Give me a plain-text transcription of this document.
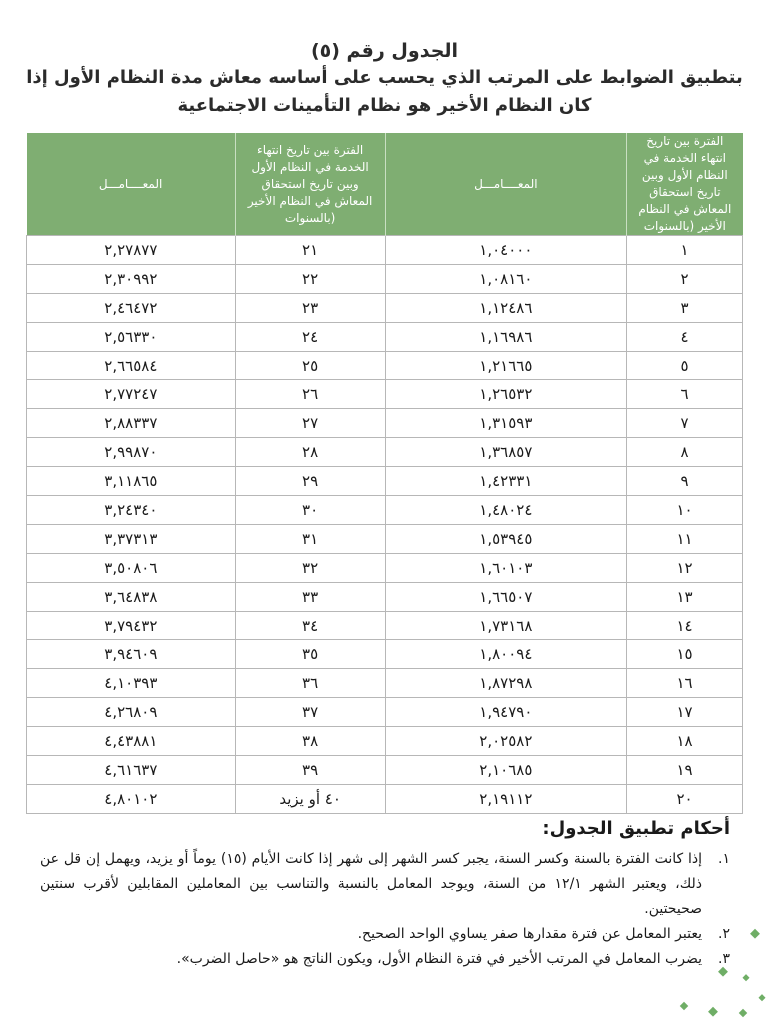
الجدول رقم (٥)
بتطبيق الضوابط على المرتب الذي يحسب على أساسه معاش مدة النظام الأول إذا
كان النظام الأخير هو نظام التأمينات الاجتماعية
الفترة بين تاريخ انتهاء الخدمة في النظام الأول وبين تاريخ استحقاق المعاش في النظام الأخير (بالسنوات	المعــــامـــل	الفترة بين تاريخ انتهاء الخدمة في النظام الأول وبين تاريخ استحقاق المعاش في النظام الأخير (بالسنوات	المعــــامـــل
١	١,٠٤٠٠٠	٢١	٢,٢٧٨٧٧
٢	١,٠٨١٦٠	٢٢	٢,٣٠٩٩٢
٣	١,١٢٤٨٦	٢٣	٢,٤٦٤٧٢
٤	١,١٦٩٨٦	٢٤	٢,٥٦٣٣٠
٥	١,٢١٦٦٥	٢٥	٢,٦٦٥٨٤
٦	١,٢٦٥٣٢	٢٦	٢,٧٧٢٤٧
٧	١,٣١٥٩٣	٢٧	٢,٨٨٣٣٧
٨	١,٣٦٨٥٧	٢٨	٢,٩٩٨٧٠
٩	١,٤٢٣٣١	٢٩	٣,١١٨٦٥
١٠	١,٤٨٠٢٤	٣٠	٣,٢٤٣٤٠
١١	١,٥٣٩٤٥	٣١	٣,٣٧٣١٣
١٢	١,٦٠١٠٣	٣٢	٣,٥٠٨٠٦
١٣	١,٦٦٥٠٧	٣٣	٣,٦٤٨٣٨
١٤	١,٧٣١٦٨	٣٤	٣,٧٩٤٣٢
١٥	١,٨٠٠٩٤	٣٥	٣,٩٤٦٠٩
١٦	١,٨٧٢٩٨	٣٦	٤,١٠٣٩٣
١٧	١,٩٤٧٩٠	٣٧	٤,٢٦٨٠٩
١٨	٢,٠٢٥٨٢	٣٨	٤,٤٣٨٨١
١٩	٢,١٠٦٨٥	٣٩	٤,٦١٦٣٧
٢٠	٢,١٩١١٢	٤٠ أو يزيد	٤,٨٠١٠٢
أحكام تطبيق الجدول:
١.
إذا كانت الفترة بالسنة وكسر السنة، يجبر كسر الشهر إلى شهر إذا كانت الأيام (١٥) يوماً أو يزيد، ويهمل إن قل عن ذلك، ويعتبر الشهر ١٢/١ من السنة، ويوجد المعامل بالنسبة والتناسب بين المعاملين المقابلين لأقرب سنتين صحيحتين.
٢.
يعتبر المعامل عن فترة مقدارها صفر يساوي الواحد الصحيح.
٣.
يضرب المعامل في المرتب الأخير في فترة النظام الأول، ويكون الناتج هو «حاصل الضرب».
